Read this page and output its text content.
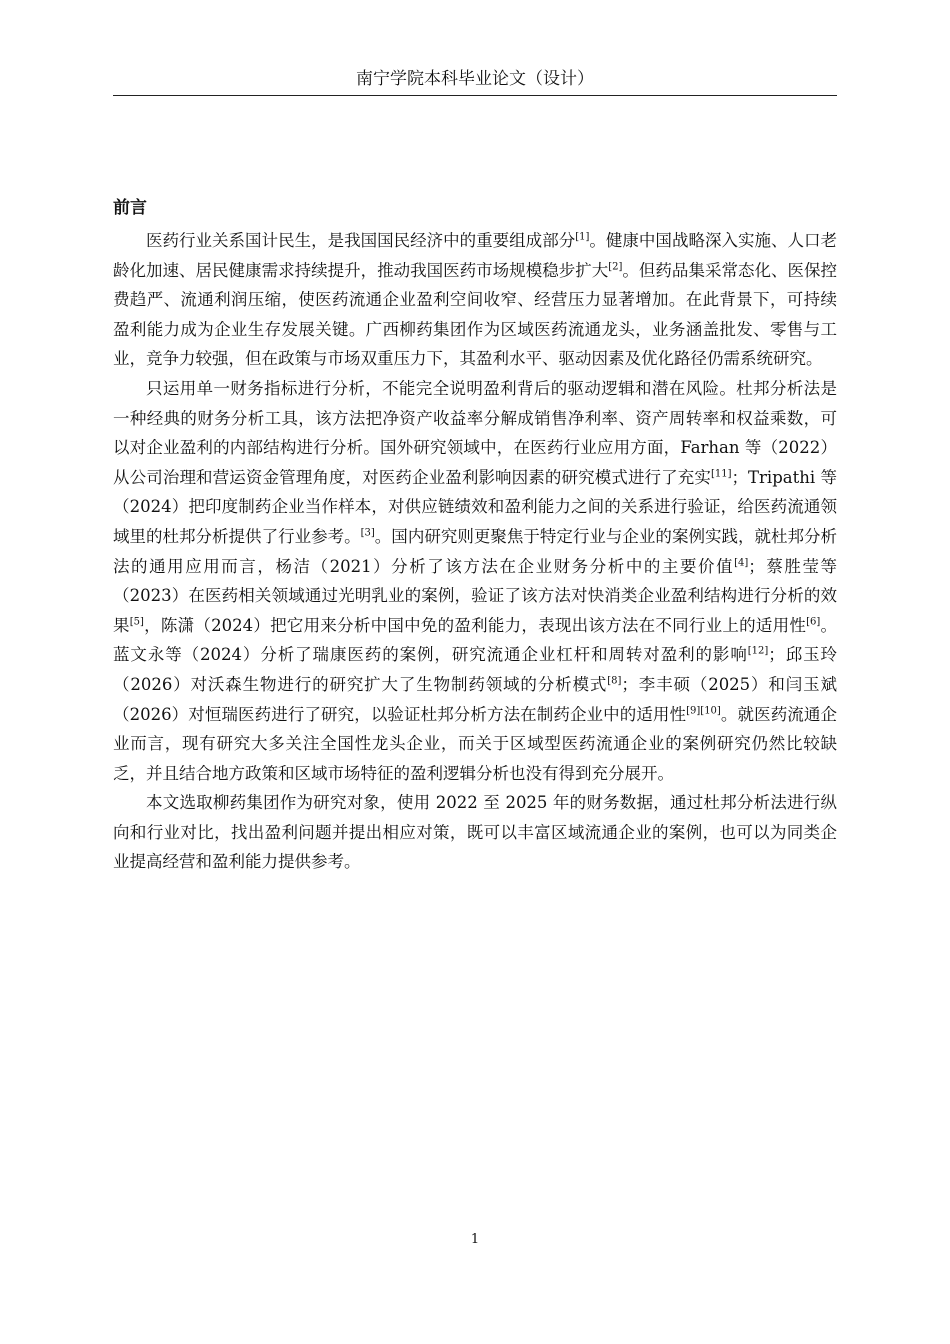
南宁学院本科毕业论文（设计）
前言

医药行业关系国计民生，是我国国民经济中的重要组成部分[1]。健康中国战略深入实施、人口老龄化加速、居民健康需求持续提升，推动我国医药市场规模稳步扩大[2]。但药品集采常态化、医保控费趋严、流通利润压缩，使医药流通企业盈利空间收窄、经营压力显著增加。在此背景下，可持续盈利能力成为企业生存发展关键。广西柳药集团作为区域医药流通龙头，业务涵盖批发、零售与工业，竞争力较强，但在政策与市场双重压力下，其盈利水平、驱动因素及优化路径仍需系统研究。

只运用单一财务指标进行分析，不能完全说明盈利背后的驱动逻辑和潜在风险。杜邦分析法是一种经典的财务分析工具，该方法把净资产收益率分解成销售净利率、资产周转率和权益乘数，可以对企业盈利的内部结构进行分析。国外研究领域中，在医药行业应用方面，Farhan 等（2022）从公司治理和营运资金管理角度，对医药企业盈利影响因素的研究模式进行了充实[11]；Tripathi 等（2024）把印度制药企业当作样本，对供应链绩效和盈利能力之间的关系进行验证，给医药流通领域里的杜邦分析提供了行业参考。[3]。国内研究则更聚焦于特定行业与企业的案例实践，就杜邦分析法的通用应用而言，杨洁（2021）分析了该方法在企业财务分析中的主要价值[4]；蔡胜莹等（2023）在医药相关领域通过光明乳业的案例，验证了该方法对快消类企业盈利结构进行分析的效果[5]，陈潇（2024）把它用来分析中国中免的盈利能力，表现出该方法在不同行业上的适用性[6]。蓝文永等（2024）分析了瑞康医药的案例，研究流通企业杠杆和周转对盈利的影响[12]；邱玉玲（2026）对沃森生物进行的研究扩大了生物制药领域的分析模式[8]；李丰硕（2025）和闫玉斌（2026）对恒瑞医药进行了研究，以验证杜邦分析方法在制药企业中的适用性[9][10]。就医药流通企业而言，现有研究大多关注全国性龙头企业，而关于区域型医药流通企业的案例研究仍然比较缺乏，并且结合地方政策和区域市场特征的盈利逻辑分析也没有得到充分展开。

本文选取柳药集团作为研究对象，使用 2022 至 2025 年的财务数据，通过杜邦分析法进行纵向和行业对比，找出盈利问题并提出相应对策，既可以丰富区域流通企业的案例，也可以为同类企业提高经营和盈利能力提供参考。

1
